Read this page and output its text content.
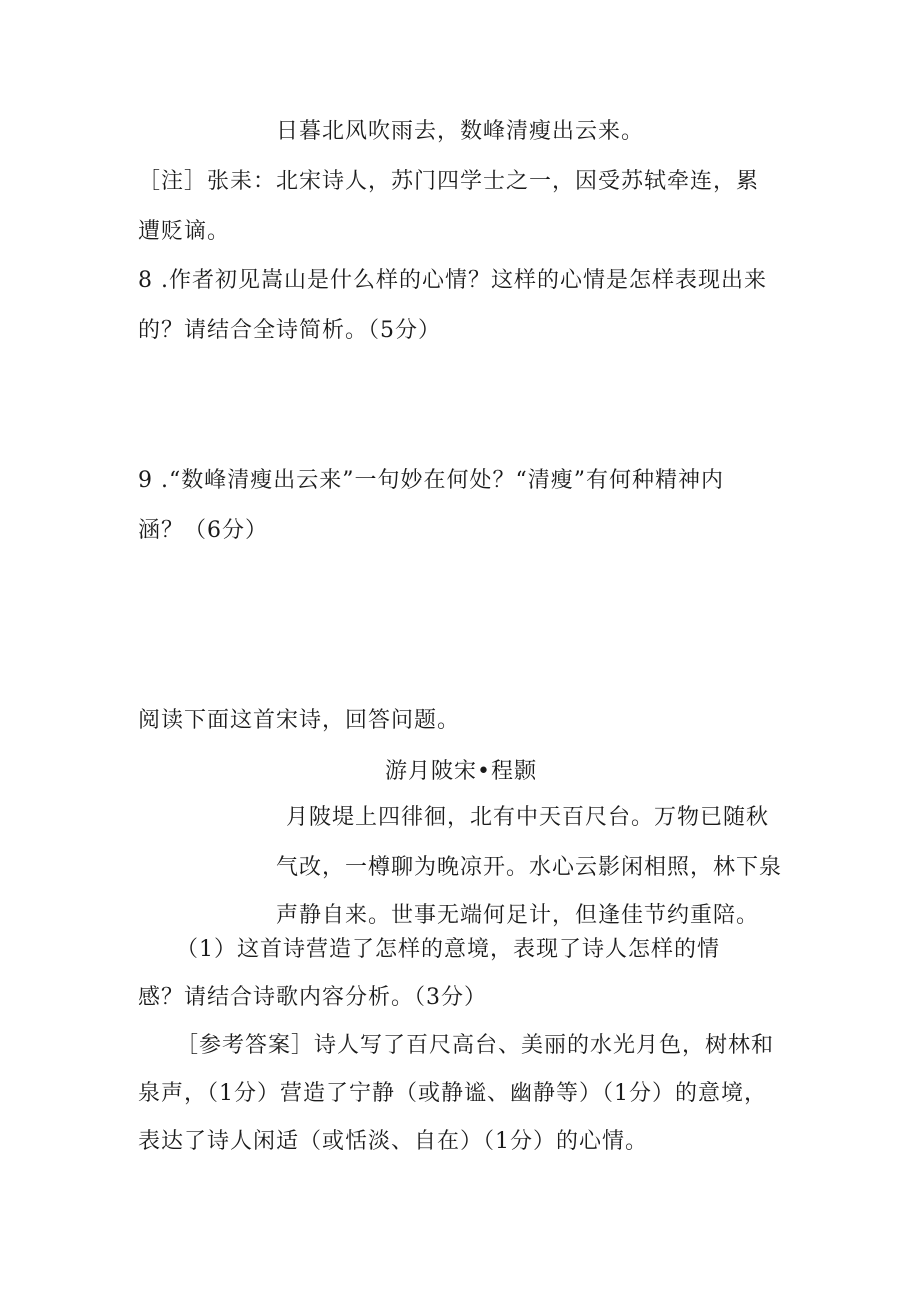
日暮北风吹雨去，数峰清瘦出云来。
［注］张耒：北宋诗人，苏门四学士之一，因受苏轼牵连，累
遭贬谪。
8 .作者初见嵩山是什么样的心情？这样的心情是怎样表现出来
的？请结合全诗简析。（5分）
9 .“数峰清瘦出云来”一句妙在何处？“清瘦”有何种精神内
涵？（6分）
阅读下面这首宋诗，回答问题。
游月陂宋•程颢
月陂堤上四徘徊，北有中天百尺台。万物已随秋
气改，一樽聊为晚凉开。水心云影闲相照，林下泉
声静自来。世事无端何足计，但逢佳节约重陪。
（1）这首诗营造了怎样的意境，表现了诗人怎样的情
感？请结合诗歌内容分析。（3分）
［参考答案］诗人写了百尺高台、美丽的水光月色，树林和
泉声，（1分）营造了宁静（或静谧、幽静等）（1分）的意境，
表达了诗人闲适（或恬淡、自在）（1分）的心情。
